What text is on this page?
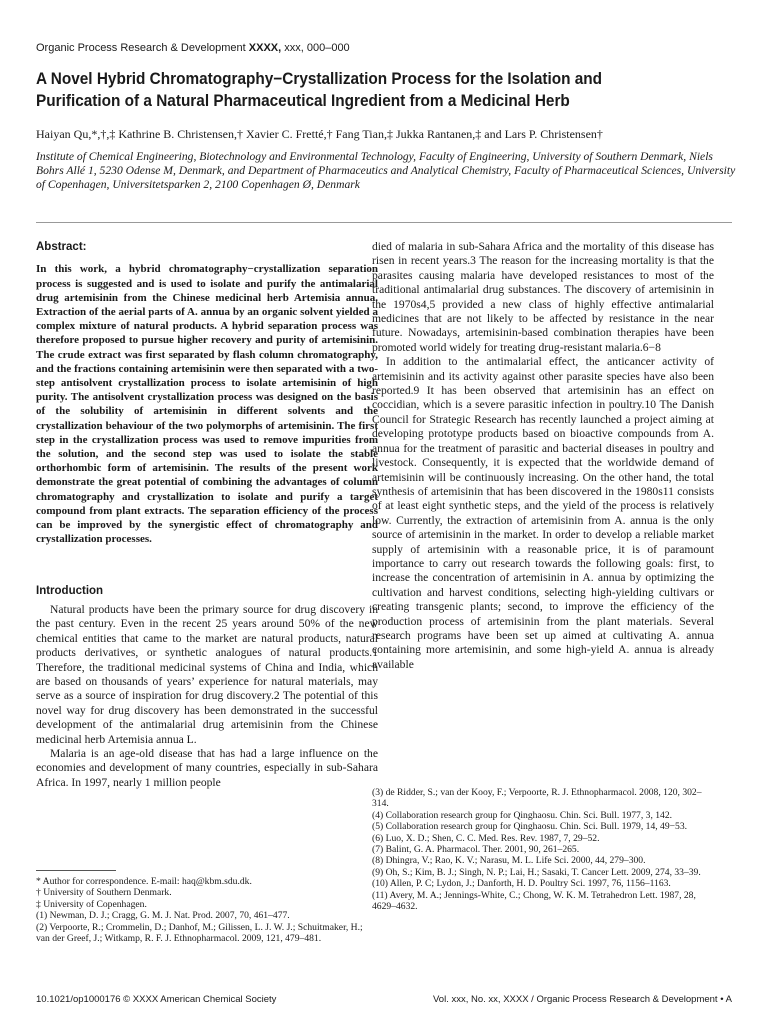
Organic Process Research & Development XXXX, xxx, 000–000
A Novel Hybrid Chromatography−Crystallization Process for the Isolation and Purification of a Natural Pharmaceutical Ingredient from a Medicinal Herb
Haiyan Qu,*,†,‡ Kathrine B. Christensen,† Xavier C. Fretté,† Fang Tian,‡ Jukka Rantanen,‡ and Lars P. Christensen†

Institute of Chemical Engineering, Biotechnology and Environmental Technology, Faculty of Engineering, University of Southern Denmark, Niels Bohrs Allé 1, 5230 Odense M, Denmark, and Department of Pharmaceutics and Analytical Chemistry, Faculty of Pharmaceutical Sciences, University of Copenhagen, Universitetsparken 2, 2100 Copenhagen Ø, Denmark

Abstract:

In this work, a hybrid chromatography−crystallization separation process is suggested and is used to isolate and purify the antimalarial drug artemisinin from the Chinese medicinal herb Artemisia annua. Extraction of the aerial parts of A. annua by an organic solvent yielded a complex mixture of natural products. A hybrid separation process was therefore proposed to pursue higher recovery and purity of artemisinin. The crude extract was first separated by flash column chromatography, and the fractions containing artemisinin were then separated with a two-step antisolvent crystallization process to isolate artemisinin of high purity. The antisolvent crystallization process was designed on the basis of the solubility of artemisinin in different solvents and the crystallization behaviour of the two polymorphs of artemisinin. The first step in the crystallization process was used to remove impurities from the solution, and the second step was used to isolate the stable orthorhombic form of artemisinin. The results of the present work demonstrate the great potential of combining the advantages of column chromatography and crystallization to isolate and purify a target compound from plant extracts. The separation efficiency of the process can be improved by the synergistic effect of chromatography and crystallization processes.

Introduction

Natural products have been the primary source for drug discovery in the past century. Even in the recent 25 years around 50% of the new chemical entities that came to the market are natural products, natural products derivatives, or synthetic analogues of natural products.1 Therefore, the traditional medicinal systems of China and India, which are based on thousands of years’ experience for natural materials, may serve as a source of inspiration for drug discovery.2 The potential of this novel way for drug discovery has been demonstrated in the successful development of the antimalarial drug artemisinin from the Chinese medicinal herb Artemisia annua L.

Malaria is an age-old disease that has had a large influence on the economies and development of many countries, especially in sub-Sahara Africa. In 1997, nearly 1 million people

died of malaria in sub-Sahara Africa and the mortality of this disease has risen in recent years.3 The reason for the increasing mortality is that the parasites causing malaria have developed resistances to most of the traditional antimalarial drug substances. The discovery of artemisinin in the 1970s4,5 provided a new class of highly effective antimalarial medicines that are not likely to be affected by resistance in the near future. Nowadays, artemisinin-based combination therapies have been promoted world widely for treating drug-resistant malaria.6−8

In addition to the antimalarial effect, the anticancer activity of artemisinin and its activity against other parasite species have also been reported.9 It has been observed that artemisinin has an effect on coccidian, which is a severe parasitic infection in poultry.10 The Danish Council for Strategic Research has recently launched a project aiming at developing prototype products based on bioactive compounds from A. annua for the treatment of parasitic and bacterial diseases in poultry and livestock. Consequently, it is expected that the worldwide demand of artemisinin will be continuously increasing. On the other hand, the total synthesis of artemisinin that has been discovered in the 1980s11 consists of at least eight synthetic steps, and the yield of the process is relatively low. Currently, the extraction of artemisinin from A. annua is the only source of artemisinin in the market. In order to develop a reliable market supply of artemisinin with a reasonable price, it is of paramount importance to carry out research towards the following goals: first, to increase the concentration of artemisinin in A. annua by optimizing the cultivation and harvest conditions, selecting high-yielding cultivars or creating transgenic plants; second, to improve the efficiency of the production process of artemisinin from the plant materials. Several research programs have been set up aimed at cultivating A. annua containing more artemisinin, and some high-yield A. annua is already available

* Author for correspondence. E-mail: haq@kbm.sdu.dk.
† University of Southern Denmark.
‡ University of Copenhagen.
(1) Newman, D. J.; Cragg, G. M. J. Nat. Prod. 2007, 70, 461–477.
(2) Verpoorte, R.; Crommelin, D.; Danhof, M.; Gilissen, L. J. W. J.; Schuitmaker, H.; van der Greef, J.; Witkamp, R. F. J. Ethnopharmacol. 2009, 121, 479–481.
(3) de Ridder, S.; van der Kooy, F.; Verpoorte, R. J. Ethnopharmacol. 2008, 120, 302–314.
(4) Collaboration research group for Qinghaosu. Chin. Sci. Bull. 1977, 3, 142.
(5) Collaboration research group for Qinghaosu. Chin. Sci. Bull. 1979, 14, 49−53.
(6) Luo, X. D.; Shen, C. C. Med. Res. Rev. 1987, 7, 29–52.
(7) Balint, G. A. Pharmacol. Ther. 2001, 90, 261–265.
(8) Dhingra, V.; Rao, K. V.; Narasu, M. L. Life Sci. 2000, 44, 279–300.
(9) Oh, S.; Kim, B. J.; Singh, N. P.; Lai, H.; Sasaki, T. Cancer Lett. 2009, 274, 33–39.
(10) Allen, P. C; Lydon, J.; Danforth, H. D. Poultry Sci. 1997, 76, 1156–1163.
(11) Avery, M. A.; Jennings-White, C.; Chong, W. K. M. Tetrahedron Lett. 1987, 28, 4629–4632.
10.1021/op1000176 © XXXX American Chemical Society	Vol. xxx, No. xx, XXXX / Organic Process Research & Development • A
